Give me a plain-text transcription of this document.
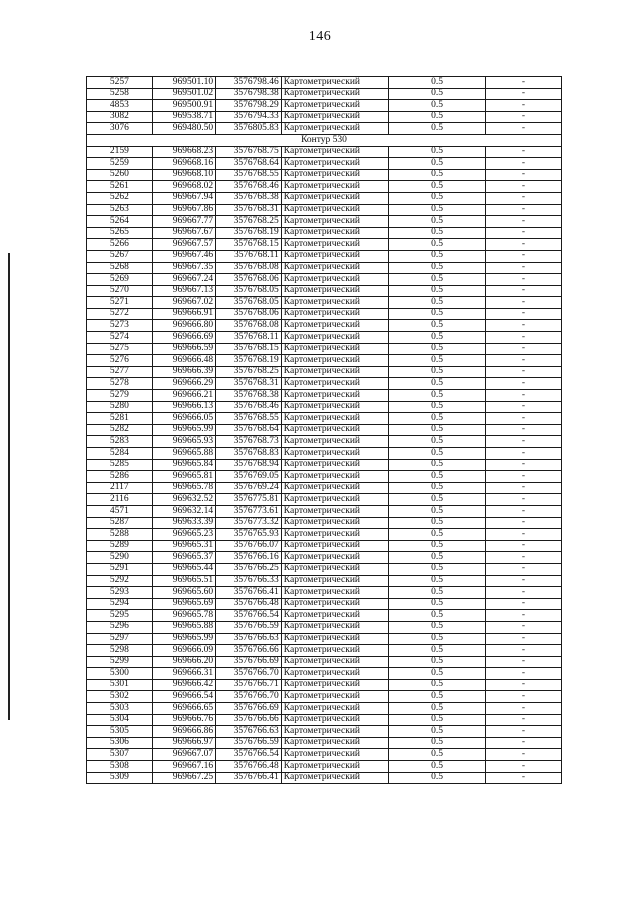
146
5257	969501.10	3576798.46	Картометрический	0.5	-
5258	969501.02	3576798.38	Картометрический	0.5	-
4853	969500.91	3576798.29	Картометрический	0.5	-
3082	969538.71	3576794.33	Картометрический	0.5	-
3076	969480.50	3576805.83	Картометрический	0.5	-
Контур 530					
2159	969668.23	3576768.75	Картометрический	0.5	-
5259	969668.16	3576768.64	Картометрический	0.5	-
5260	969668.10	3576768.55	Картометрический	0.5	-
5261	969668.02	3576768.46	Картометрический	0.5	-
5262	969667.94	3576768.38	Картометрический	0.5	-
5263	969667.86	3576768.31	Картометрический	0.5	-
5264	969667.77	3576768.25	Картометрический	0.5	-
5265	969667.67	3576768.19	Картометрический	0.5	-
5266	969667.57	3576768.15	Картометрический	0.5	-
5267	969667.46	3576768.11	Картометрический	0.5	-
5268	969667.35	3576768.08	Картометрический	0.5	-
5269	969667.24	3576768.06	Картометрический	0.5	-
5270	969667.13	3576768.05	Картометрический	0.5	-
5271	969667.02	3576768.05	Картометрический	0.5	-
5272	969666.91	3576768.06	Картометрический	0.5	-
5273	969666.80	3576768.08	Картометрический	0.5	-
5274	969666.69	3576768.11	Картометрический	0.5	-
5275	969666.59	3576768.15	Картометрический	0.5	-
5276	969666.48	3576768.19	Картометрический	0.5	-
5277	969666.39	3576768.25	Картометрический	0.5	-
5278	969666.29	3576768.31	Картометрический	0.5	-
5279	969666.21	3576768.38	Картометрический	0.5	-
5280	969666.13	3576768.46	Картометрический	0.5	-
5281	969666.05	3576768.55	Картометрический	0.5	-
5282	969665.99	3576768.64	Картометрический	0.5	-
5283	969665.93	3576768.73	Картометрический	0.5	-
5284	969665.88	3576768.83	Картометрический	0.5	-
5285	969665.84	3576768.94	Картометрический	0.5	-
5286	969665.81	3576769.05	Картометрический	0.5	-
2117	969665.78	3576769.24	Картометрический	0.5	-
2116	969632.52	3576775.81	Картометрический	0.5	-
4571	969632.14	3576773.61	Картометрический	0.5	-
5287	969633.39	3576773.32	Картометрический	0.5	-
5288	969665.23	3576765.93	Картометрический	0.5	-
5289	969665.31	3576766.07	Картометрический	0.5	-
5290	969665.37	3576766.16	Картометрический	0.5	-
5291	969665.44	3576766.25	Картометрический	0.5	-
5292	969665.51	3576766.33	Картометрический	0.5	-
5293	969665.60	3576766.41	Картометрический	0.5	-
5294	969665.69	3576766.48	Картометрический	0.5	-
5295	969665.78	3576766.54	Картометрический	0.5	-
5296	969665.88	3576766.59	Картометрический	0.5	-
5297	969665.99	3576766.63	Картометрический	0.5	-
5298	969666.09	3576766.66	Картометрический	0.5	-
5299	969666.20	3576766.69	Картометрический	0.5	-
5300	969666.31	3576766.70	Картометрический	0.5	-
5301	969666.42	3576766.71	Картометрический	0.5	-
5302	969666.54	3576766.70	Картометрический	0.5	-
5303	969666.65	3576766.69	Картометрический	0.5	-
5304	969666.76	3576766.66	Картометрический	0.5	-
5305	969666.86	3576766.63	Картометрический	0.5	-
5306	969666.97	3576766.59	Картометрический	0.5	-
5307	969667.07	3576766.54	Картометрический	0.5	-
5308	969667.16	3576766.48	Картометрический	0.5	-
5309	969667.25	3576766.41	Картометрический	0.5	-
